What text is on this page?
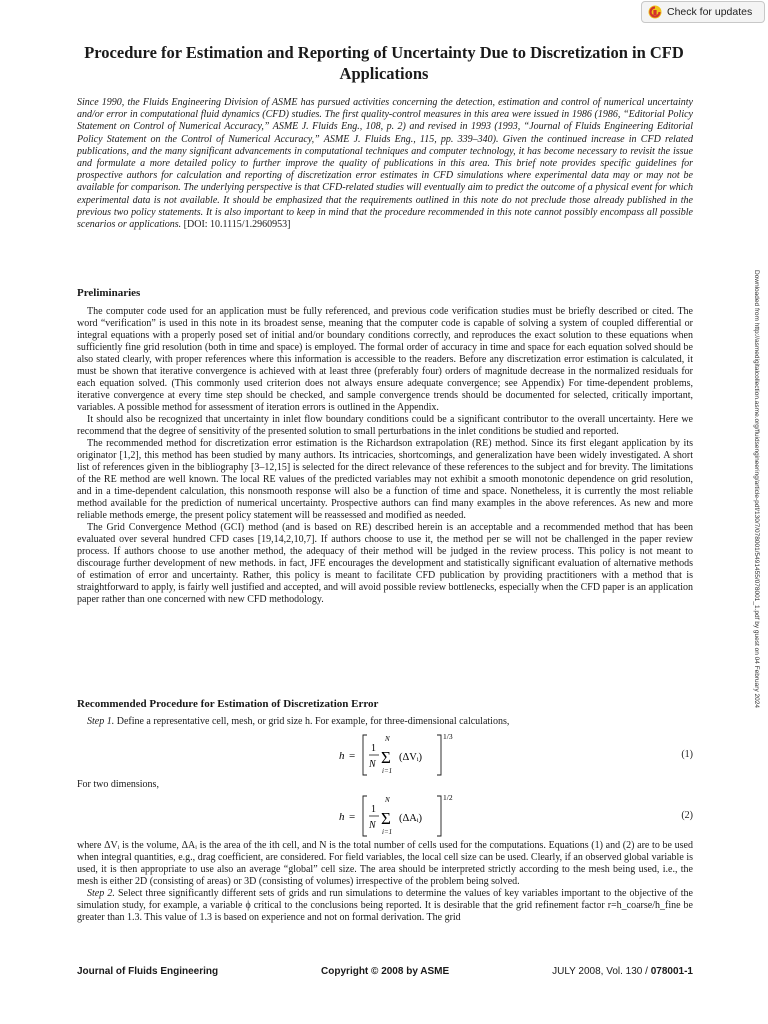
Check for updates
Procedure for Estimation and Reporting of Uncertainty Due to Discretization in CFD Applications

Since 1990, the Fluids Engineering Division of ASME has pursued activities concerning the detection, estimation and control of numerical uncertainty and/or error in computational fluid dynamics (CFD) studies. The first quality-control measures in this area were issued in 1986 (1986, “Editorial Policy Statement on Control of Numerical Accuracy,” ASME J. Fluids Eng., 108, p. 2) and revised in 1993 (1993, “Journal of Fluids Engineering Editorial Policy Statement on the Control of Numerical Accuracy,” ASME J. Fluids Eng., 115, pp. 339–340). Given the continued increase in CFD related publications, and the many significant advancements in computational techniques and computer technology, it has become necessary to revisit the issue and formulate a more detailed policy to further improve the quality of publications in this area. This brief note provides specific guidelines for prospective authors for calculation and reporting of discretization error estimates in CFD simulations where experimental data may or may not be available for comparison. The underlying perspective is that CFD-related studies will eventually aim to predict the outcome of a physical event for which experimental data is not available. It should be emphasized that the requirements outlined in this note do not preclude those already published in the previous two policy statements. It is also important to keep in mind that the procedure recommended in this note cannot possibly encompass all possible scenarios or applications. [DOI: 10.1115/1.2960953]

Downloaded from http://asmedigitalcollection.asme.org/fluidsengineering/article-pdf/130/7/078001/5491455/078001_1.pdf by guest on 04 February 2024
Preliminaries

The computer code used for an application must be fully referenced, and previous code verification studies must be briefly described or cited. The word “verification” is used in this note in its broadest sense, meaning that the computer code is capable of solving a system of coupled differential or integral equations with a properly posed set of initial and/or boundary conditions correctly, and reproduces the exact solution to these equations when sufficiently fine grid resolution (both in time and space) is employed. The formal order of accuracy in time and space for each equation solved should be also stated clearly, with proper references where this information is accessible to the readers. Before any discretization error estimation is calculated, it must be shown that iterative convergence is achieved with at least three (preferably four) orders of magnitude decrease in the normalized residuals for each equation solved. (This commonly used criterion does not always ensure adequate convergence; see Appendix) For time-dependent problems, iterative convergence at every time step should be checked, and sample convergence trends should be documented for selected, critically important, variables. A possible method for assessment of iteration errors is outlined in the Appendix.

It should also be recognized that uncertainty in inlet flow boundary conditions could be a significant contributor to the overall uncertainty. Here we recommend that the degree of sensitivity of the presented solution to small perturbations in the inlet conditions be studied and reported.

The recommended method for discretization error estimation is the Richardson extrapolation (RE) method. Since its first elegant application by its originator [1,2], this method has been studied by many authors. Its intricacies, shortcomings, and generalization have been widely investigated. A short list of references given in the bibliography [3–12,15] is selected for the direct relevance of these references to the subject and for brevity. The limitations of the RE method are well known. The local RE values of the predicted variables may not exhibit a smooth monotonic dependence on grid resolution, and in a time-dependent calculation, this nonsmooth response will also be a function of time and space. Nonetheless, it is currently the most reliable method available for the prediction of numerical uncertainty. Prospective authors can find many examples in the above references. As new and more reliable methods emerge, the present policy statement will be reassessed and modified as needed.

The Grid Convergence Method (GCI) method (and is based on RE) described herein is an acceptable and a recommended method that has been evaluated over several hundred CFD cases [19,14,2,10,7]. If authors choose to use it, the method per se will not be challenged in the paper review process. If authors choose to use another method, the adequacy of their method will be judged in the review process. This policy is not meant to discourage further development of new methods. in fact, JFE encourages the development and statistically significant evaluation of alternative methods of estimation of error and uncertainty. Rather, this policy is meant to facilitate CFD publication by providing practitioners with a method that is straightforward to apply, is fairly well justified and accepted, and will avoid possible review bottlenecks, especially when the CFD paper is an application paper rather than one concerned with new CFD methodology.

Recommended Procedure for Estimation of Discretization Error

Step 1. Define a representative cell, mesh, or grid size h. For example, for three-dimensional calculations,

h =
1
N
N
Σ
i=1
(ΔVᵢ)
1/3
(1)
For two dimensions,
h =
1
N
N
Σ
i=1
(ΔAᵢ)
1/2
(2)

where ΔVᵢ is the volume, ΔAᵢ is the area of the ith cell, and N is the total number of cells used for the computations. Equations (1) and (2) are to be used when integral quantities, e.g., drag coefficient, are considered. For field variables, the local cell size can be used. Clearly, if an observed global variable is used, it is then appropriate to use also an average “global” cell size. The area should be interpreted strictly according to the mesh being used, i.e., the mesh is either 2D (consisting of areas) or 3D (consisting of volumes) irrespective of the problem being solved.

Step 2. Select three significantly different sets of grids and run simulations to determine the values of key variables important to the objective of the simulation study, for example, a variable ϕ critical to the conclusions being reported. It is desirable that the grid refinement factor r=h_coarse/h_fine be greater than 1.3. This value of 1.3 is based on experience and not on formal derivation. The grid

Journal of Fluids Engineering	Copyright © 2008 by ASME	JULY 2008, Vol. 130 / 078001-1
